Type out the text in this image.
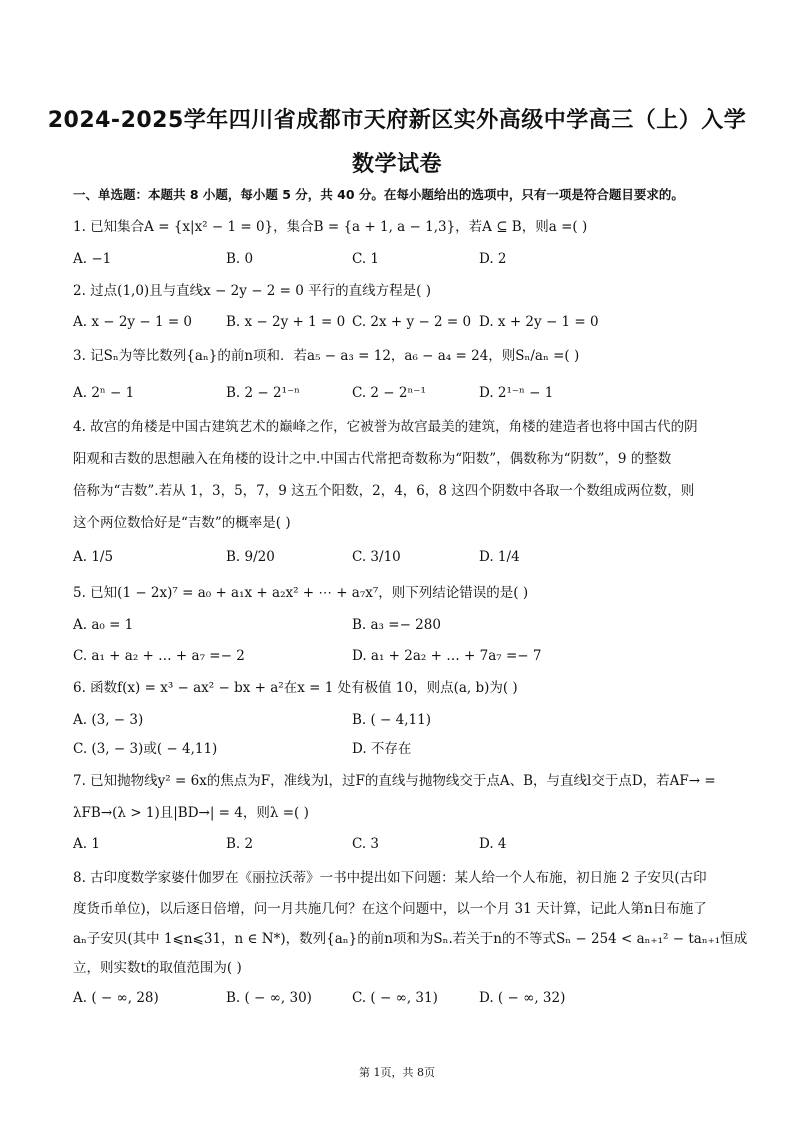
2024-2025学年四川省成都市天府新区实外高级中学高三（上）入学
数学试卷
一、单选题：本题共 8 小题，每小题 5 分，共 40 分。在每小题给出的选项中，只有一项是符合题目要求的。
1. 已知集合A = {x|x² − 1 = 0}，集合B = {a + 1, a − 1,3}，若A ⊆ B，则a =( )
A. −1	B. 0	C. 1	D. 2
2. 过点(1,0)且与直线x − 2y − 2 = 0 平行的直线方程是( )
A. x − 2y − 1 = 0	B. x − 2y + 1 = 0 C. 2x + y − 2 = 0 D. x + 2y − 1 = 0
3. 记Sₙ为等比数列{aₙ}的前n项和．若a₅ − a₃ = 12，a₆ − a₄ = 24，则Sₙ/aₙ =( )
A. 2ⁿ − 1	B. 2 − 2¹⁻ⁿ	C. 2 − 2ⁿ⁻¹	D. 2¹⁻ⁿ − 1
4. 故宫的角楼是中国古建筑艺术的巅峰之作，它被誉为故宫最美的建筑，角楼的建造者也将中国古代的阴
阳观和吉数的思想融入在角楼的设计之中.中国古代常把奇数称为“阳数”，偶数称为“阴数”，9 的整数
倍称为“吉数”.若从 1，3，5，7，9 这五个阳数，2，4，6，8 这四个阴数中各取一个数组成两位数，则
这个两位数恰好是“吉数”的概率是( )
A. 1/5	B. 9/20	C. 3/10	D. 1/4
5. 已知(1 − 2x)⁷ = a₀ + a₁x + a₂x² + ⋯ + a₇x⁷，则下列结论错误的是( )
A. a₀ = 1	B. a₃ =− 280
C. a₁ + a₂ + … + a₇ =− 2	D. a₁ + 2a₂ + … + 7a₇ =− 7
6. 函数f(x) = x³ − ax² − bx + a²在x = 1 处有极值 10，则点(a, b)为( )
A. (3, − 3)	B. ( − 4,11)
C. (3, − 3)或( − 4,11)	D. 不存在
7. 已知抛物线y² = 6x的焦点为F，准线为l，过F的直线与抛物线交于点A、B，与直线l交于点D，若AF→ =
λFB→(λ > 1)且|BD→| = 4，则λ =( )
A. 1	B. 2	C. 3	D. 4
8. 古印度数学家婆什伽罗在《丽拉沃蒂》一书中提出如下问题：某人给一个人布施，初日施 2 子安贝(古印
度货币单位)，以后逐日倍增，问一月共施几何？在这个问题中，以一个月 31 天计算，记此人第n日布施了
aₙ子安贝(其中 1⩽n⩽31，n ∈ N*)，数列{aₙ}的前n项和为Sₙ.若关于n的不等式Sₙ − 254 < aₙ₊₁² − taₙ₊₁恒成
立，则实数t的取值范围为( )
A. ( − ∞, 28)	B. ( − ∞, 30)	C. ( − ∞, 31)	D. ( − ∞, 32)
第 1页，共 8页
